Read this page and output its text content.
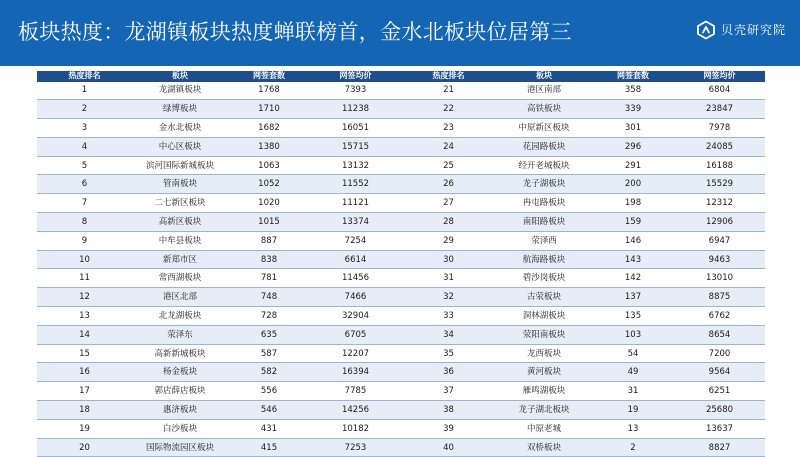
板块热度：龙湖镇板块热度蝉联榜首，金水北板块位居第三	贝壳研究院
热度排名	板块	网签套数	网签均价	热度排名	板块	网签套数	网签均价
1	龙湖镇板块	1768	7393	21	港区南部	358	6804
2	绿博板块	1710	11238	22	高铁板块	339	23847
3	金水北板块	1682	16051	23	中原新区板块	301	7978
4	中心区板块	1380	15715	24	花园路板块	296	24085
5	滨河国际新城板块	1063	13132	25	经开老城板块	291	16188
6	管南板块	1052	11552	26	龙子湖板块	200	15529
7	二七新区板块	1020	11121	27	冉屯路板块	198	12312
8	高新区板块	1015	13374	28	南阳路板块	159	12906
9	中牟县板块	887	7254	29	荥泽西	146	6947
10	新郑市区	838	6614	30	航海路板块	143	9463
11	常西湖板块	781	11456	31	碧沙岗板块	142	13010
12	港区北部	748	7466	32	古荥板块	137	8875
13	北龙湖板块	728	32904	33	洞林湖板块	135	6762
14	荥泽东	635	6705	34	荥阳南板块	103	8654
15	高新新城板块	587	12207	35	龙西板块	54	7200
16	杨金板块	582	16394	36	黄河板块	49	9564
17	郭店薛店板块	556	7785	37	雁鸣湖板块	31	6251
18	惠济板块	546	14256	38	龙子湖北板块	19	25680
19	白沙板块	431	10182	39	中原老城	13	13637
20	国际物流园区板块	415	7253	40	双桥板块	2	8827
